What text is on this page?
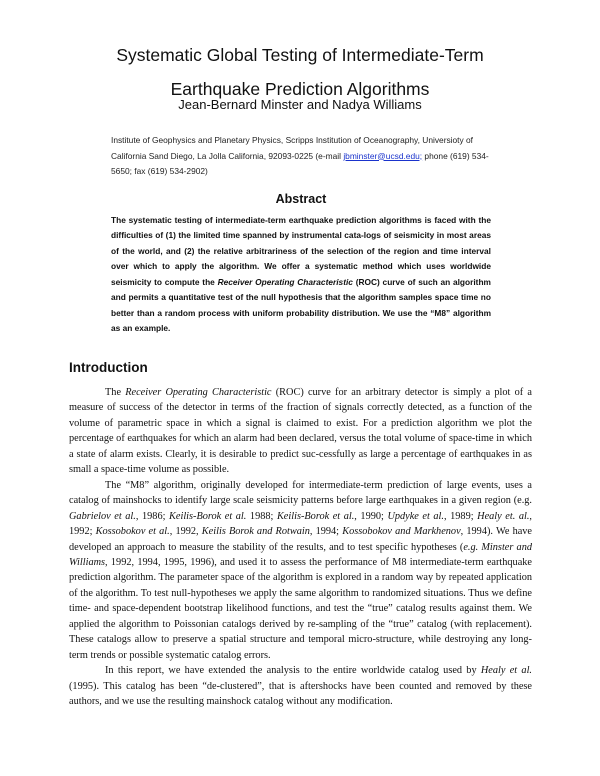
Systematic Global Testing of Intermediate-Term
Earthquake Prediction Algorithms
Jean-Bernard Minster and Nadya Williams
Institute of Geophysics and Planetary Physics, Scripps Institution of Oceanography, Universioty of California Sand Diego, La Jolla California, 92093-0225 (e-mail jbminster@ucsd.edu; phone (619) 534-5650; fax (619) 534-2902)
Abstract
The systematic testing of intermediate-term earthquake prediction algorithms is faced with the difficulties of (1) the limited time spanned by instrumental cata-logs of seismicity in most areas of the world, and (2) the relative arbitrariness of the selection of the region and time interval over which to apply the algorithm. We offer a systematic method which uses worldwide seismicity to compute the Receiver Operating Characteristic (ROC) curve of such an algorithm and permits a quantitative test of the null hypothesis that the algorithm samples space time no better than a random process with uniform probability distribution. We use the “M8” algorithm as an example.
Introduction

The Receiver Operating Characteristic (ROC) curve for an arbitrary detector is simply a plot of a measure of success of the detector in terms of the fraction of signals correctly detected, as a function of the volume of parametric space in which a signal is claimed to exist. For a prediction algorithm we plot the percentage of earthquakes for which an alarm had been declared, versus the total volume of space-time in which a state of alarm exists. Clearly, it is desirable to predict suc-cessfully as large a percentage of earthquakes in as small a space-time volume as possible.

The “M8” algorithm, originally developed for intermediate-term prediction of large events, uses a catalog of mainshocks to identify large scale seismicity patterns before large earthquakes in a given region (e.g. Gabrielov et al., 1986; Keilis-Borok et al. 1988; Keilis-Borok et al., 1990; Updyke et al., 1989; Healy et. al., 1992; Kossobokov et al., 1992, Keilis Borok and Rotwain, 1994; Kossobokov and Markhenov, 1994). We have developed an approach to measure the stability of the results, and to test specific hypotheses (e.g. Minster and Williams, 1992, 1994, 1995, 1996), and used it to assess the performance of M8 intermediate-term earthquake prediction algorithm. The parameter space of the algorithm is explored in a random way by repeated application of the algorithm. To test null-hypotheses we apply the same algorithm to randomized situations. Thus we define time- and space-dependent bootstrap likelihood functions, and test the “true” catalog results against them. We applied the algorithm to Poissonian catalogs derived by re-sampling of the “true” catalog (with replacement). These catalogs allow to preserve a spatial structure and temporal micro-structure, while destroying any long-term trends or possible systematic catalog errors.

In this report, we have extended the analysis to the entire worldwide catalog used by Healy et al. (1995). This catalog has been “de-clustered”, that is aftershocks have been counted and removed by these authors, and we use the resulting mainshock catalog without any modification.
